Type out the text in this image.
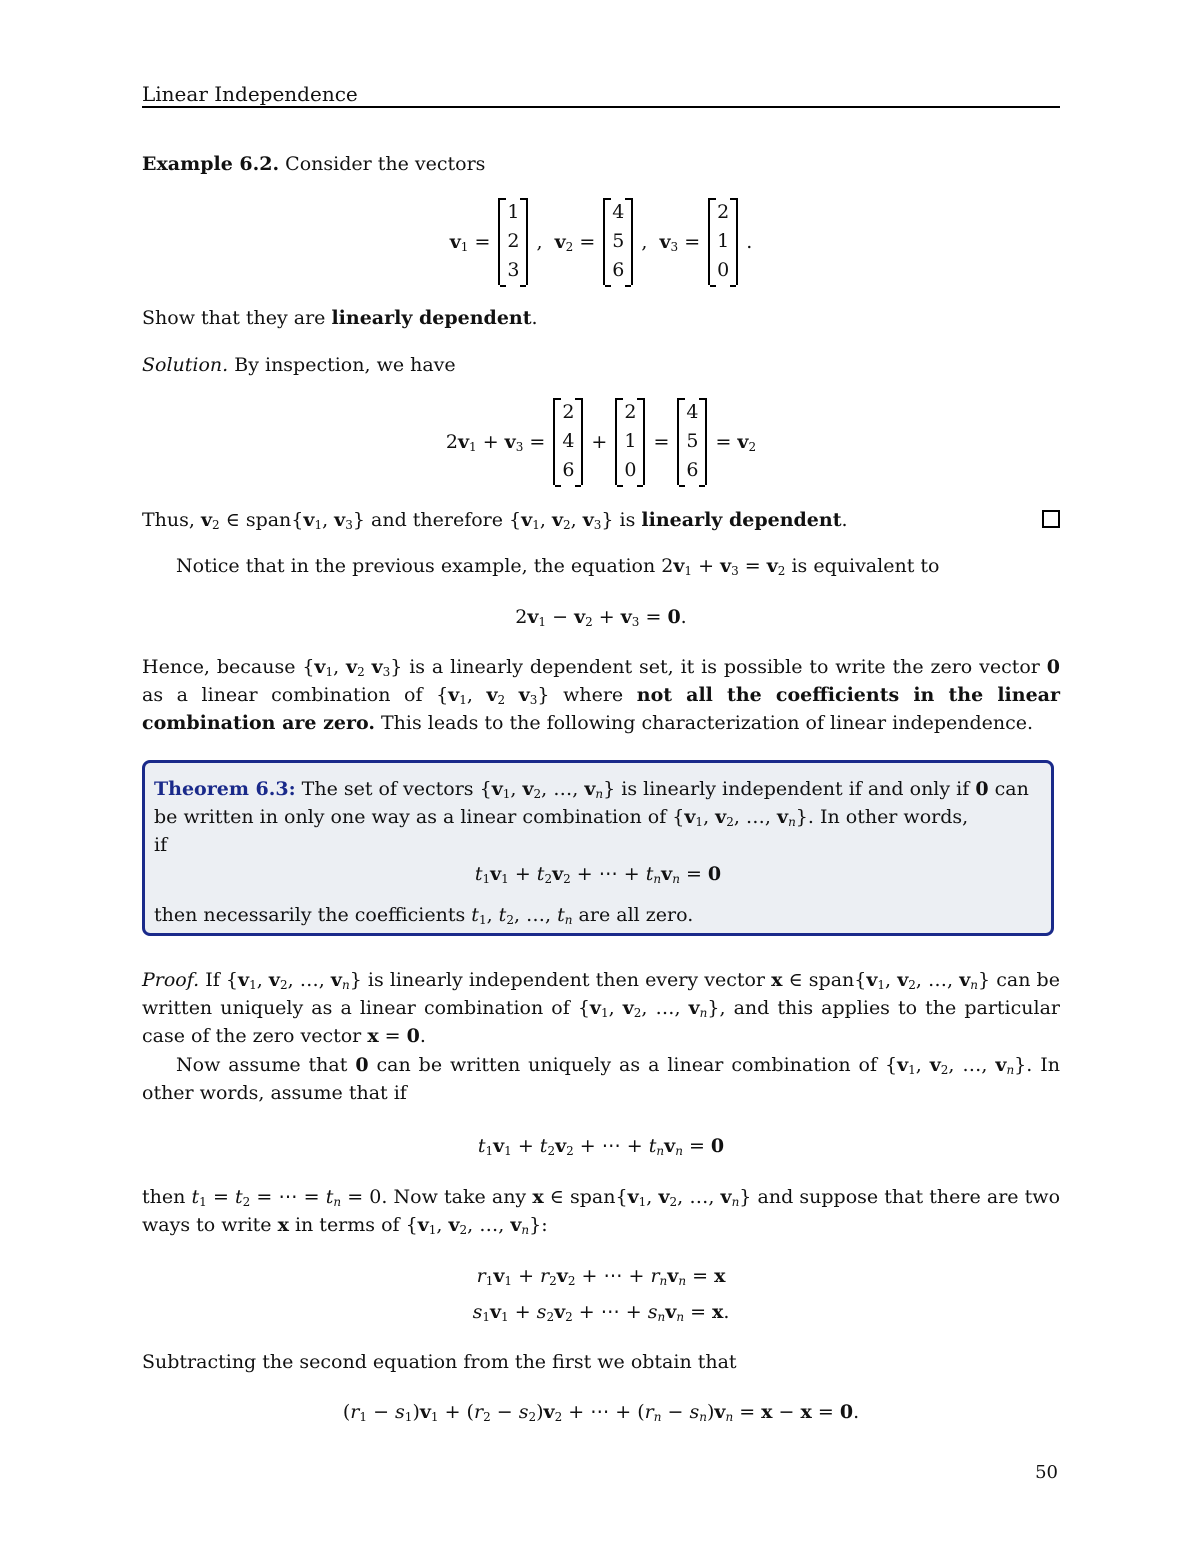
Linear Independence
Example 6.2. Consider the vectors
$v_1$ =
1
2
3
,  $v_2$ =
4
5
6
,  $v_3$ =
2
1
0
.
Show that they are linearly dependent.
Solution. By inspection, we have
$2v_1 + v_3$ =
2
4
6
+
2
1
0
=
4
5
6
= $v_2$
Thus, $v_2$ ∈ $span\{v_1$, $v_3$} and therefore {$v_1$, $v_2$, $v_3$} is linearly dependent.
Notice that in the previous example, the equation $2v_1 + v_3 = v_2$ is equivalent to
$2v_1 - v_2 + v_3 = 0$.
Hence, because {$v_1$, $v_2$ $v_3$} is a linearly dependent set, it is possible to write the zero vector 0 as a linear combination of {$v_1$, $v_2$ $v_3$} where not all the coefficients in the linear combination are zero. This leads to the following characterization of linear independence.
Theorem 6.3: The set of vectors {$v_1$, $v_2$, …, $v_n$} is linearly independent if and only if 0 can be written in only one way as a linear combination of {$v_1$, $v_2$, …, $v_n$}. In other words,
if
$t_1v_1 + t_2v_2$ + ⋯ + $t_nv_n = 0$
then necessarily the coefficients $t_1$, $t_2$, …, $t_n$ are all zero.
Proof. If {$v_1$, $v_2$, …, $v_n$} is linearly independent then every vector x ∈ $span\{v_1$, $v_2$, …, $v_n$} can be written uniquely as a linear combination of {$v_1$, $v_2$, …, $v_n$}, and this applies to the particular case of the zero vector x = 0.
Now assume that 0 can be written uniquely as a linear combination of {$v_1$, $v_2$, …, $v_n$}. In other words, assume that if
$t_1v_1 + t_2v_2$ + ⋯ + $t_nv_n = 0$
then $t_1 = t_2$ = ⋯ = $t_n = 0$. Now take any x ∈ $span\{v_1$, $v_2$, …, $v_n$} and suppose that there are two ways to write x in terms of {$v_1$, $v_2$, …, $v_n$}:
$r_1v_1 + r_2v_2$ + ⋯ + $r_nv_n = x$
$s_1v_1 + s_2v_2$ + ⋯ + $s_nv_n = x$.
Subtracting the second equation from the first we obtain that
$(r_1 - s_1)v_1 + (r_2 - s_2)v_2$ + ⋯ + $(r_n - s_n)v_n = x - x = 0$.
50
